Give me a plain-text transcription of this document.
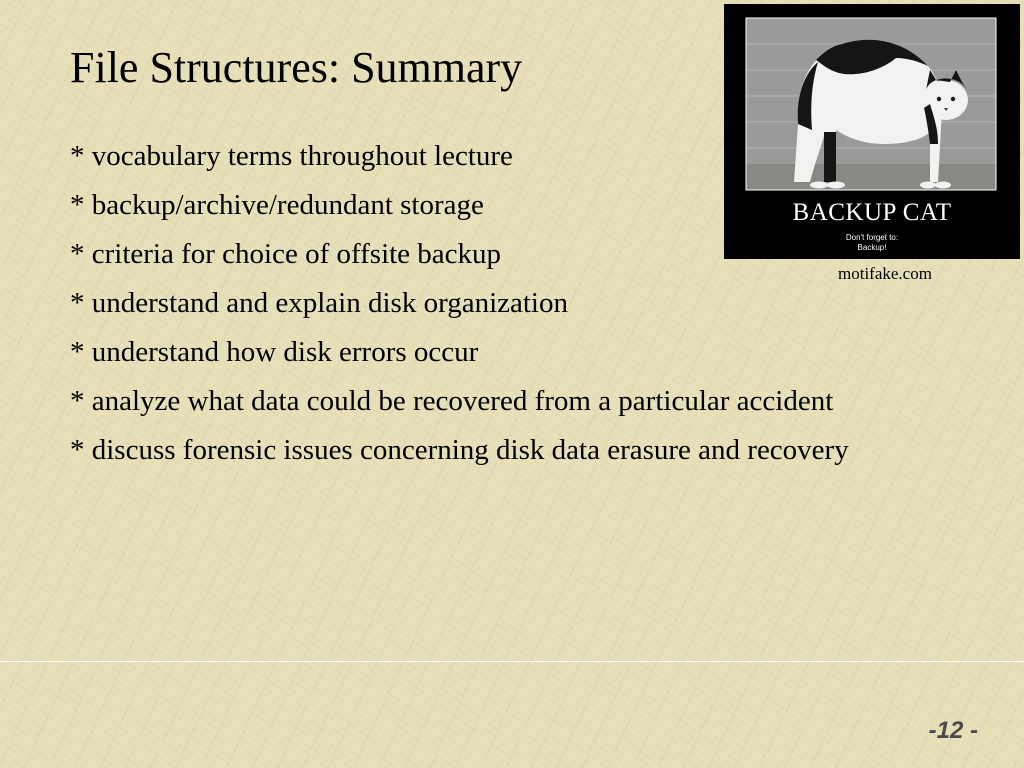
File Structures: Summary
* vocabulary terms throughout lecture
* backup/archive/redundant storage
* criteria for choice of offsite backup
* understand and explain disk organization
* understand how disk errors occur
* analyze what data could be recovered from a particular accident
* discuss forensic issues concerning disk data erasure and recovery
BACKUP CAT
Don't forget to:
Backup!
motifake.com
-12 -
